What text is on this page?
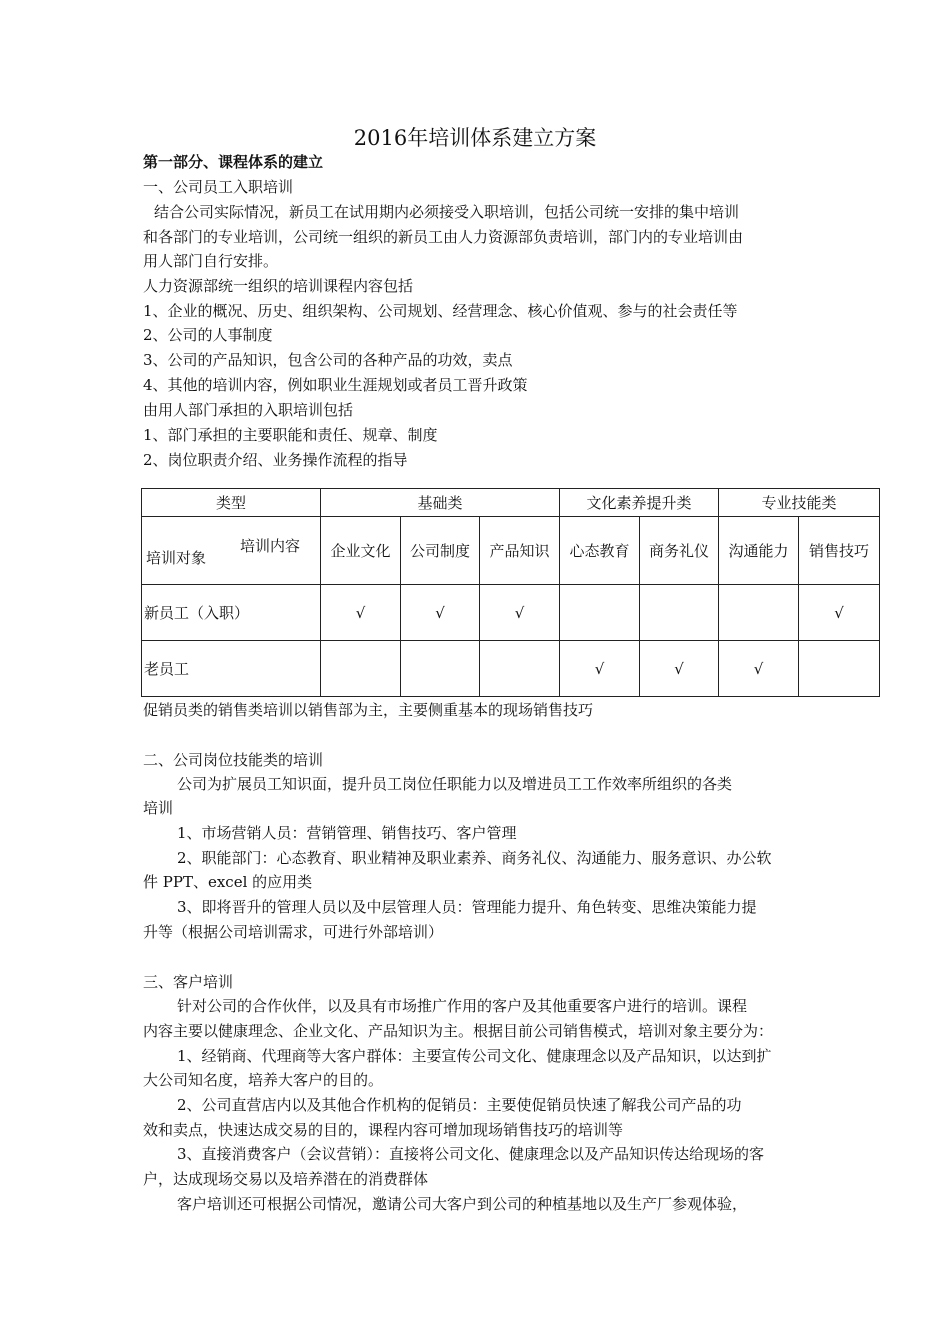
2016年培训体系建立方案
第一部分、课程体系的建立
一、公司员工入职培训
结合公司实际情况，新员工在试用期内必须接受入职培训，包括公司统一安排的集中培训
和各部门的专业培训，公司统一组织的新员工由人力资源部负责培训，部门内的专业培训由
用人部门自行安排。
人力资源部统一组织的培训课程内容包括
1、企业的概况、历史、组织架构、公司规划、经营理念、核心价值观、参与的社会责任等
2、公司的人事制度
3、公司的产品知识，包含公司的各种产品的功效，卖点
4、其他的培训内容，例如职业生涯规划或者员工晋升政策
由用人部门承担的入职培训包括
1、部门承担的主要职能和责任、规章、制度
2、岗位职责介绍、业务操作流程的指导
类型	基础类			文化素养提升类		专业技能类	

培训内容
培训对象	企业文化	公司制度	产品知识	心态教育	商务礼仪	沟通能力	销售技巧
新员工（入职）	√	√	√				√
老员工				√	√	√	
促销员类的销售类培训以销售部为主，主要侧重基本的现场销售技巧
二、公司岗位技能类的培训
公司为扩展员工知识面，提升员工岗位任职能力以及增进员工工作效率所组织的各类
培训
1、市场营销人员：营销管理、销售技巧、客户管理
2、职能部门：心态教育、职业精神及职业素养、商务礼仪、沟通能力、服务意识、办公软
件 PPT、excel 的应用类
3、即将晋升的管理人员以及中层管理人员：管理能力提升、角色转变、思维决策能力提
升等（根据公司培训需求，可进行外部培训）
三、客户培训
针对公司的合作伙伴，以及具有市场推广作用的客户及其他重要客户进行的培训。课程
内容主要以健康理念、企业文化、产品知识为主。根据目前公司销售模式，培训对象主要分为：
1、经销商、代理商等大客户群体：主要宣传公司文化、健康理念以及产品知识，以达到扩
大公司知名度，培养大客户的目的。
2、公司直营店内以及其他合作机构的促销员：主要使促销员快速了解我公司产品的功
效和卖点，快速达成交易的目的，课程内容可增加现场销售技巧的培训等
3、直接消费客户（会议营销）：直接将公司文化、健康理念以及产品知识传达给现场的客
户，达成现场交易以及培养潜在的消费群体
客户培训还可根据公司情况，邀请公司大客户到公司的种植基地以及生产厂参观体验，
